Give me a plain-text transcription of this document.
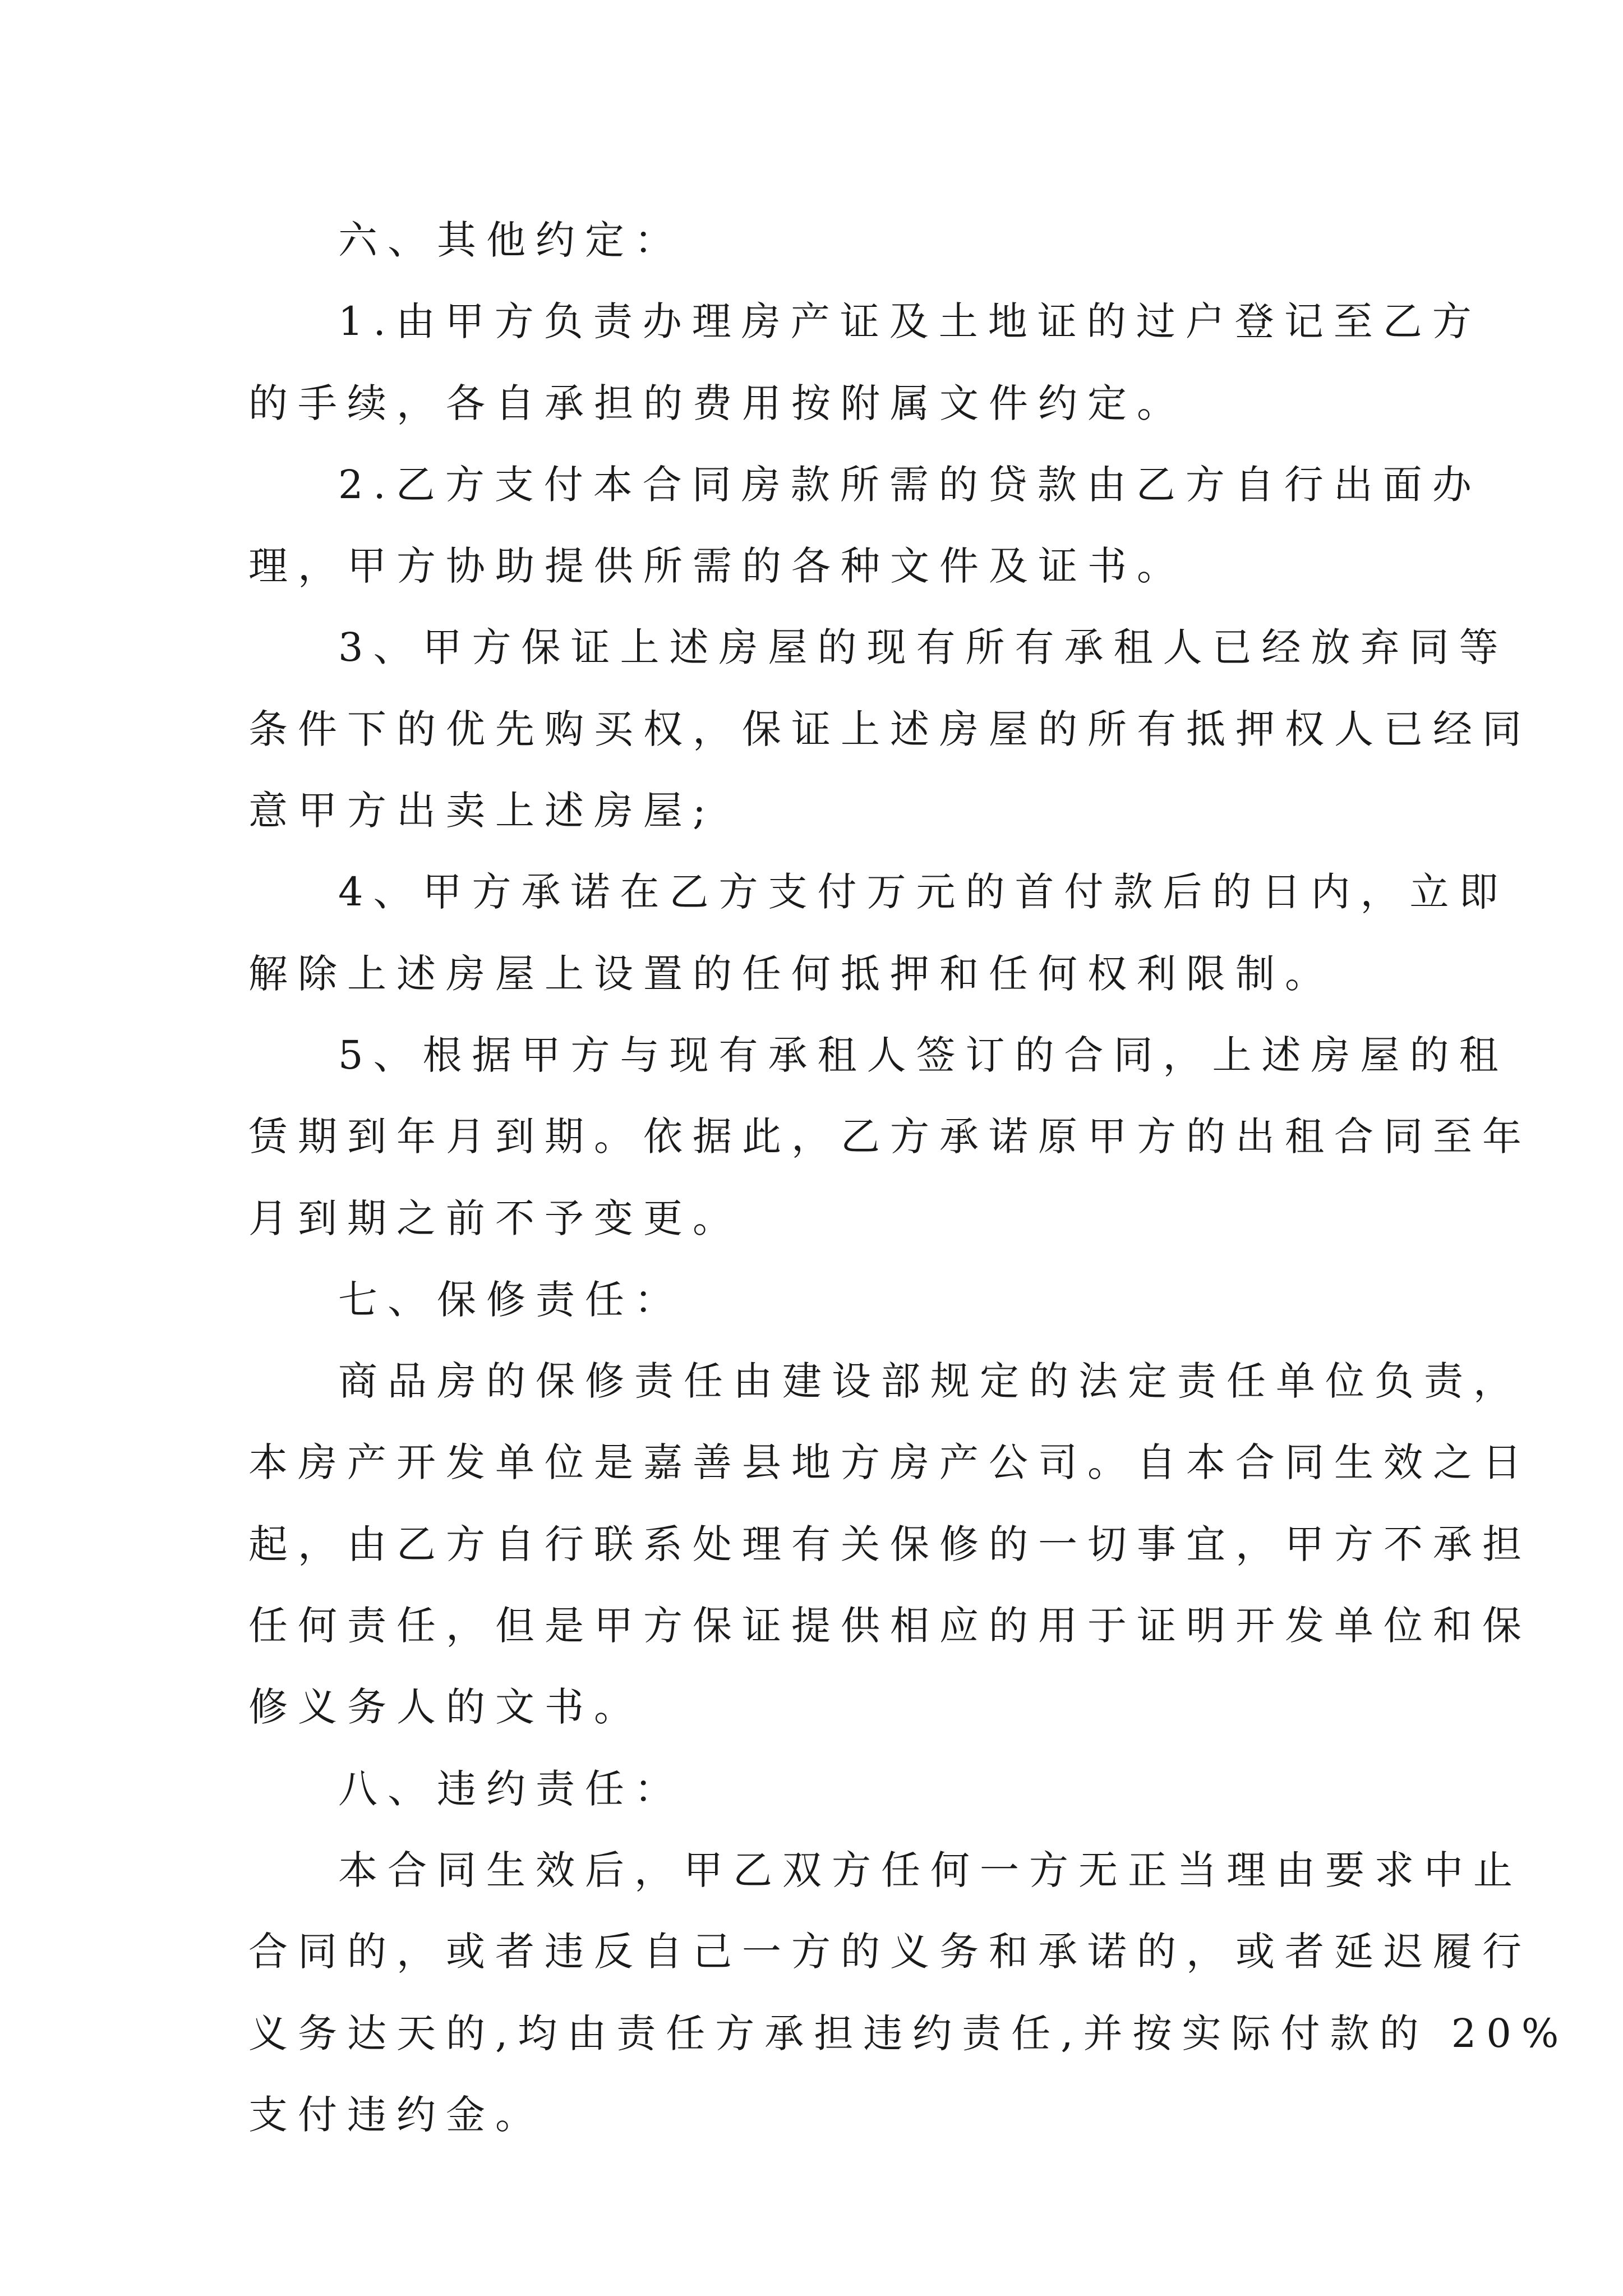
六、其他约定：
1.由甲方负责办理房产证及土地证的过户登记至乙方
的手续，各自承担的费用按附属文件约定。
2.乙方支付本合同房款所需的贷款由乙方自行出面办
理，甲方协助提供所需的各种文件及证书。
3、甲方保证上述房屋的现有所有承租人已经放弃同等
条件下的优先购买权，保证上述房屋的所有抵押权人已经同
意甲方出卖上述房屋;
4、甲方承诺在乙方支付万元的首付款后的日内，立即
解除上述房屋上设置的任何抵押和任何权利限制。
5、根据甲方与现有承租人签订的合同，上述房屋的租
赁期到年月到期。依据此，乙方承诺原甲方的出租合同至年
月到期之前不予变更。
七、保修责任：
商品房的保修责任由建设部规定的法定责任单位负责，
本房产开发单位是嘉善县地方房产公司。自本合同生效之日
起，由乙方自行联系处理有关保修的一切事宜，甲方不承担
任何责任，但是甲方保证提供相应的用于证明开发单位和保
修义务人的文书。
八、违约责任：
本合同生效后，甲乙双方任何一方无正当理由要求中止
合同的，或者违反自己一方的义务和承诺的，或者延迟履行
义务达天的,均由责任方承担违约责任,并按实际付款的 20%
支付违约金。
